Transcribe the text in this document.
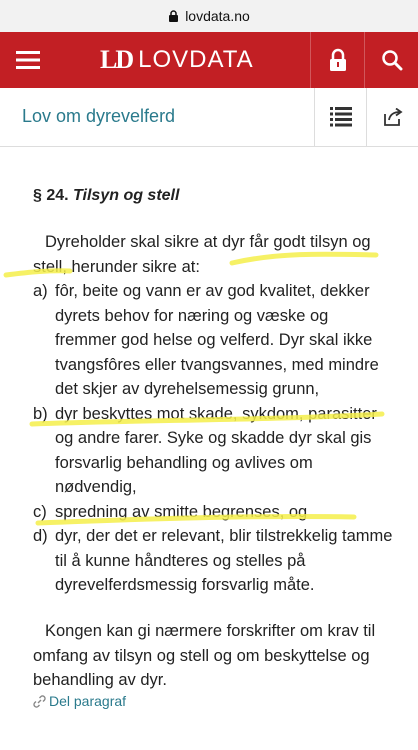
lovdata.no
LD LOVDATA
Lov om dyrevelferd
§ 24. Tilsyn og stell
Dyreholder skal sikre at dyr får godt tilsyn og stell, herunder sikre at:
a) fôr, beite og vann er av god kvalitet, dekker dyrets behov for næring og væske og fremmer god helse og velferd. Dyr skal ikke tvangsfôres eller tvangsvannes, med mindre det skjer av dyrehelsemessig grunn,
b) dyr beskyttes mot skade, sykdom, parasitter og andre farer. Syke og skadde dyr skal gis forsvarlig behandling og avlives om nødvendig,
c) spredning av smitte begrenses, og
d) dyr, der det er relevant, blir tilstrekkelig tamme til å kunne håndteres og stelles på dyrevelferdsmessig forsvarlig måte.
Kongen kan gi nærmere forskrifter om krav til omfang av tilsyn og stell og om beskyttelse og behandling av dyr.
Del paragraf
